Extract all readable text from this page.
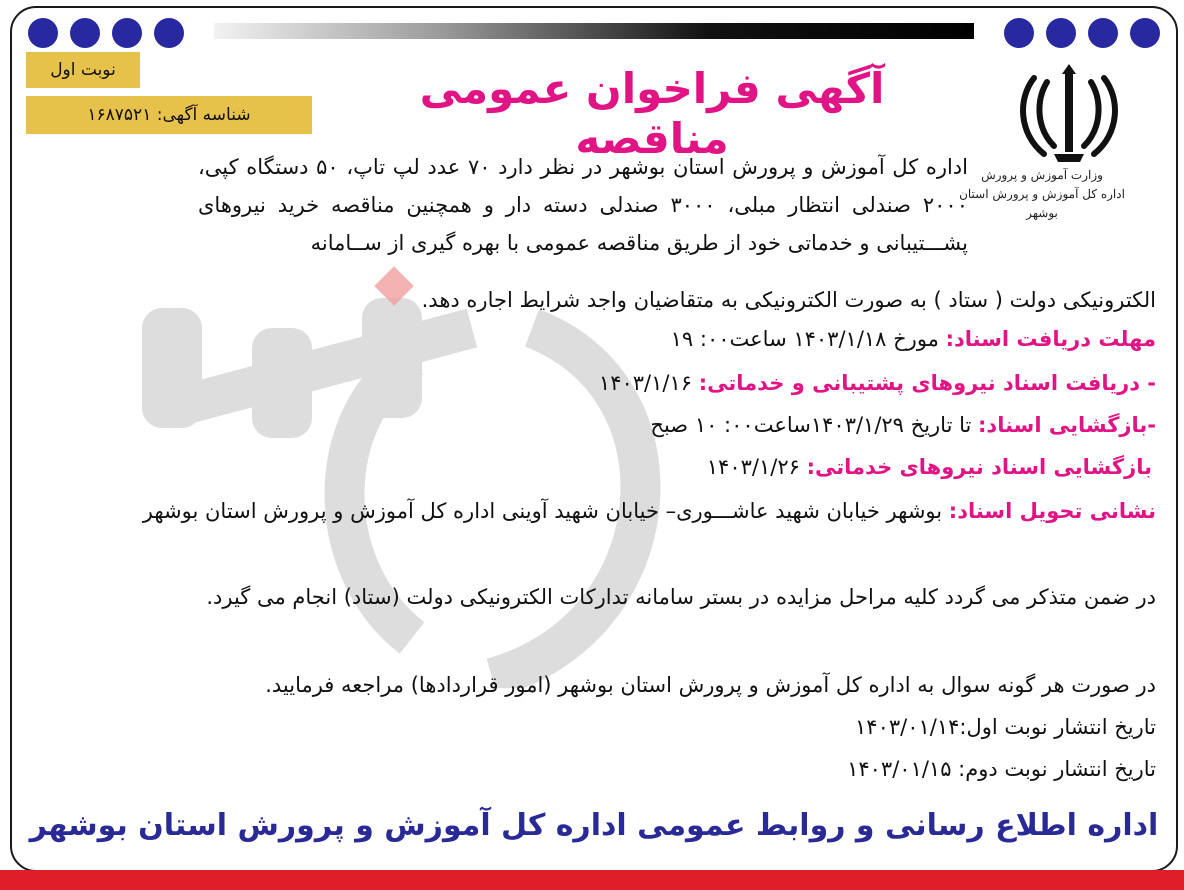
نوبت اول
شناسه آگهی: ۱۶۸۷۵۲۱
آگهی فراخوان عمومی مناقصه
وزارت آموزش و پرورش
اداره کل آموزش و پرورش استان بوشهر
اداره کل آموزش و پرورش استان بوشهر در نظر دارد ۷۰ عدد لپ تاپ، ۵۰ دستگاه کپی، ۲۰۰۰ صندلی انتظار مبلی، ۳۰۰۰ صندلی دسته دار و همچنین مناقصه خرید نیروهای پشـــتیبانی و خدماتی خود از طریق مناقصه عمومی با بهره گیری از ســامانه
الکترونیکی دولت ( ستاد ) به صورت الکترونیکی به متقاضیان واجد شرایط اجاره دهد.
مهلت دریافت اسناد: مورخ ۱۴۰۳/۱/۱۸ ساعت۰۰: ۱۹
- دریافت اسناد نیروهای پشتیبانی و خدماتی: ۱۴۰۳/۱/۱۶
-بازگشایی اسناد: تا تاریخ ۱۴۰۳/۱/۲۹ساعت۰۰: ۱۰ صبح
بازگشایی اسناد نیروهای خدماتی: ۱۴۰۳/۱/۲۶
نشانی تحویل اسناد: بوشهر خیابان شهید عاشـــوری– خیابان شهید آوینی اداره کل آموزش و پرورش استان بوشهر
در ضمن متذکر می گردد کلیه مراحل مزایده در بستر سامانه تدارکات الکترونیکی دولت (ستاد) انجام می گیرد.
در صورت هر گونه سوال به اداره کل آموزش و پرورش استان بوشهر (امور قراردادها) مراجعه فرمایید.
تاریخ انتشار نوبت اول:۱۴۰۳/۰۱/۱۴
تاریخ انتشار نوبت دوم: ۱۴۰۳/۰۱/۱۵
اداره اطلاع رسانی و روابط عمومی اداره کل آموزش و پرورش استان بوشهر
